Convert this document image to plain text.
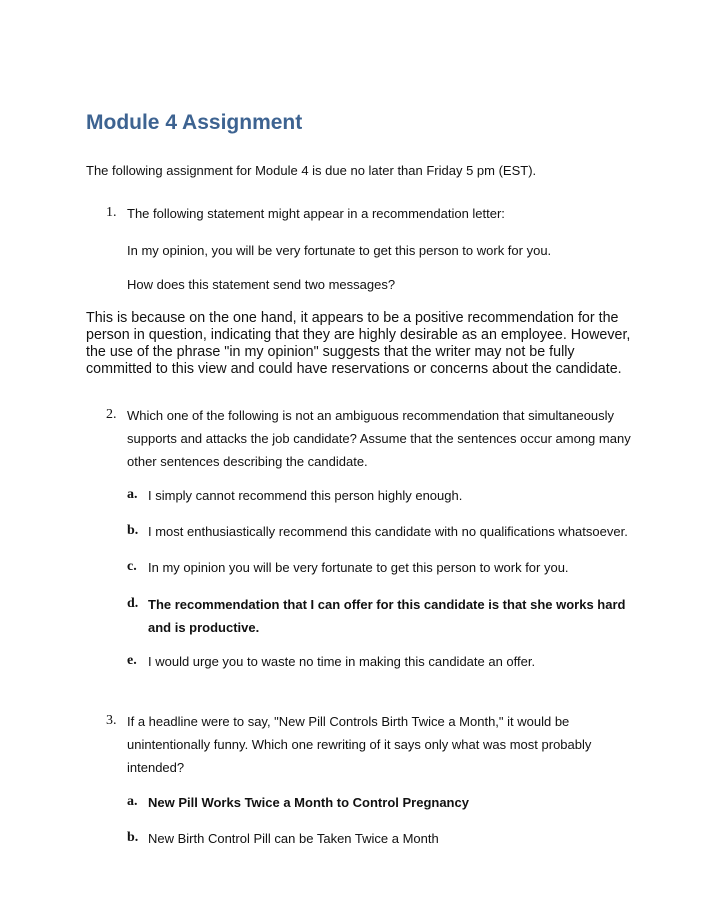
Module 4 Assignment

The following assignment for Module 4 is due no later than Friday 5 pm (EST).

1. The following statement might appear in a recommendation letter:

In my opinion, you will be very fortunate to get this person to work for you.

How does this statement send two messages?

This is because on the one hand, it appears to be a positive recommendation for the person in question, indicating that they are highly desirable as an employee. However, the use of the phrase "in my opinion" suggests that the writer may not be fully committed to this view and could have reservations or concerns about the candidate.

2. Which one of the following is not an ambiguous recommendation that simultaneously supports and attacks the job candidate? Assume that the sentences occur among many other sentences describing the candidate.

a. I simply cannot recommend this person highly enough.

b. I most enthusiastically recommend this candidate with no qualifications whatsoever.

c. In my opinion you will be very fortunate to get this person to work for you.

d. The recommendation that I can offer for this candidate is that she works hard and is productive.

e. I would urge you to waste no time in making this candidate an offer.

3. If a headline were to say, "New Pill Controls Birth Twice a Month," it would be unintentionally funny. Which one rewriting of it says only what was most probably intended?

a. New Pill Works Twice a Month to Control Pregnancy

b. New Birth Control Pill can be Taken Twice a Month
